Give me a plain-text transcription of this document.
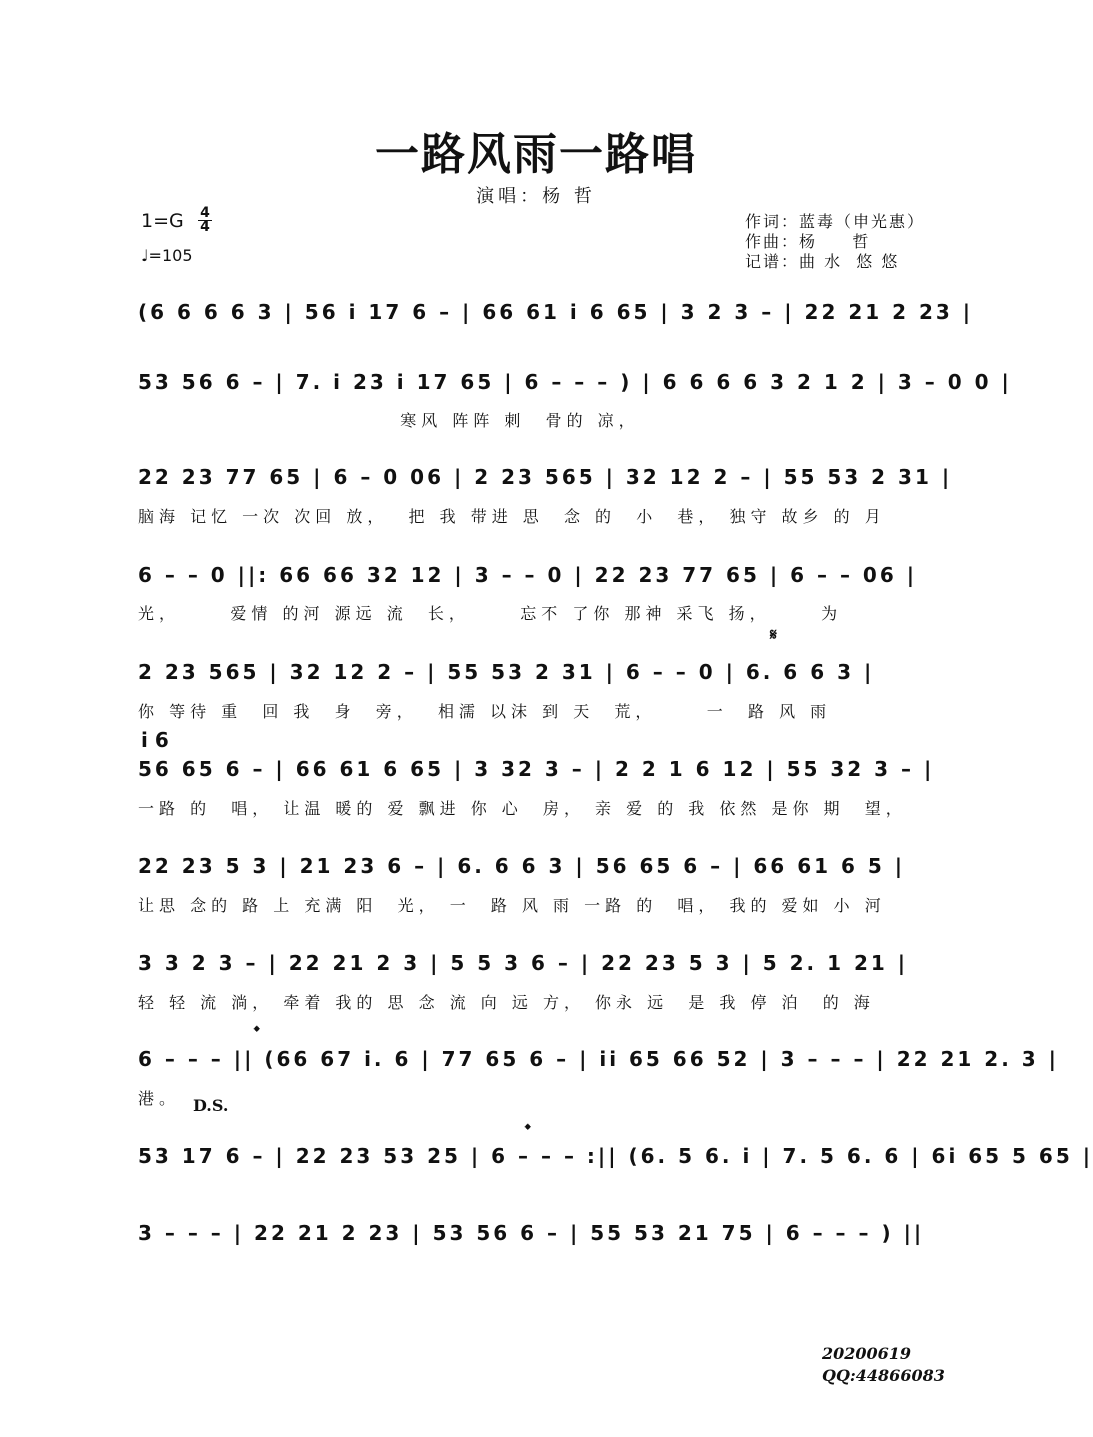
一路风雨一路唱
演唱：杨 哲
$1=G \frac{4}{4}$
♩=105
作词：蓝毒（申光惠）
作曲：杨     哲
记谱：曲 水  悠 悠
(6 6 6 6 3 | 56 i 17 6 – | 66 61 i 6 65 | 3 2 3 – | 22 21 2 23 |
53 56 6 – | 7. i 23 i 17 65 | 6 – – – ) | 6 6 6 6 3 2 1 2 | 3 – 0 0 |
寒风 阵阵 刺  骨的 凉，
22 23 77 65 | 6 – 0 06 | 2 23 565 | 32 12 2 – | 55 53 2 31 |
脑海 记忆 一次 次回 放，  把 我 带进 思  念 的  小  巷， 独守 故乡 的 月
6 – – 0 ||: 66 66 32 12 | 3 – – 0 | 22 23 77 65 | 6 – – 06 |
光，     爱情 的河 源远 流  长，     忘不 了你 那神 采飞 扬，     为
𝄋
2 23 565 | 32 12 2 – | 55 53 2 31 | 6 – – 0 | 6. 6 6 3 |
你 等待 重  回 我  身  旁，  相濡 以沫 到 天  荒，     一  路 风 雨
i 6
56 65 6 – | 66 61 6 65 | 3 32 3 – | 2 2 1 6 12 | 55 32 3 – |
一路 的  唱， 让温 暖的 爱 飘进 你 心  房， 亲 爱 的 我 依然 是你 期  望，
22 23 5 3 | 21 23 6 – | 6. 6 6 3 | 56 65 6 – | 66 61 6 5 |
让思 念的 路 上 充满 阳  光， 一  路 风 雨 一路 的  唱， 我的 爱如 小 河
3 3 2 3 – | 22 21 2 3 | 5 5 3 6 – | 22 23 5 3 | 5 2. 1 21 |
轻 轻 流 淌， 牵着 我的 思 念 流 向 远 方， 你永 远  是 我 停 泊  的 海
𝄌
6 – – – || (66 67 i. 6 | 77 65 6 – | ii 65 66 52 | 3 – – – | 22 21 2. 3 |
港。 D.S.
𝄌
53 17 6 – | 22 23 53 25 | 6 – – – :|| (6. 5 6. i | 7. 5 6. 6 | 6i 65 5 65 |
3 – – – | 22 21 2 23 | 53 56 6 – | 55 53 21 75 | 6 – – – ) ||
20200619
QQ:44866083
